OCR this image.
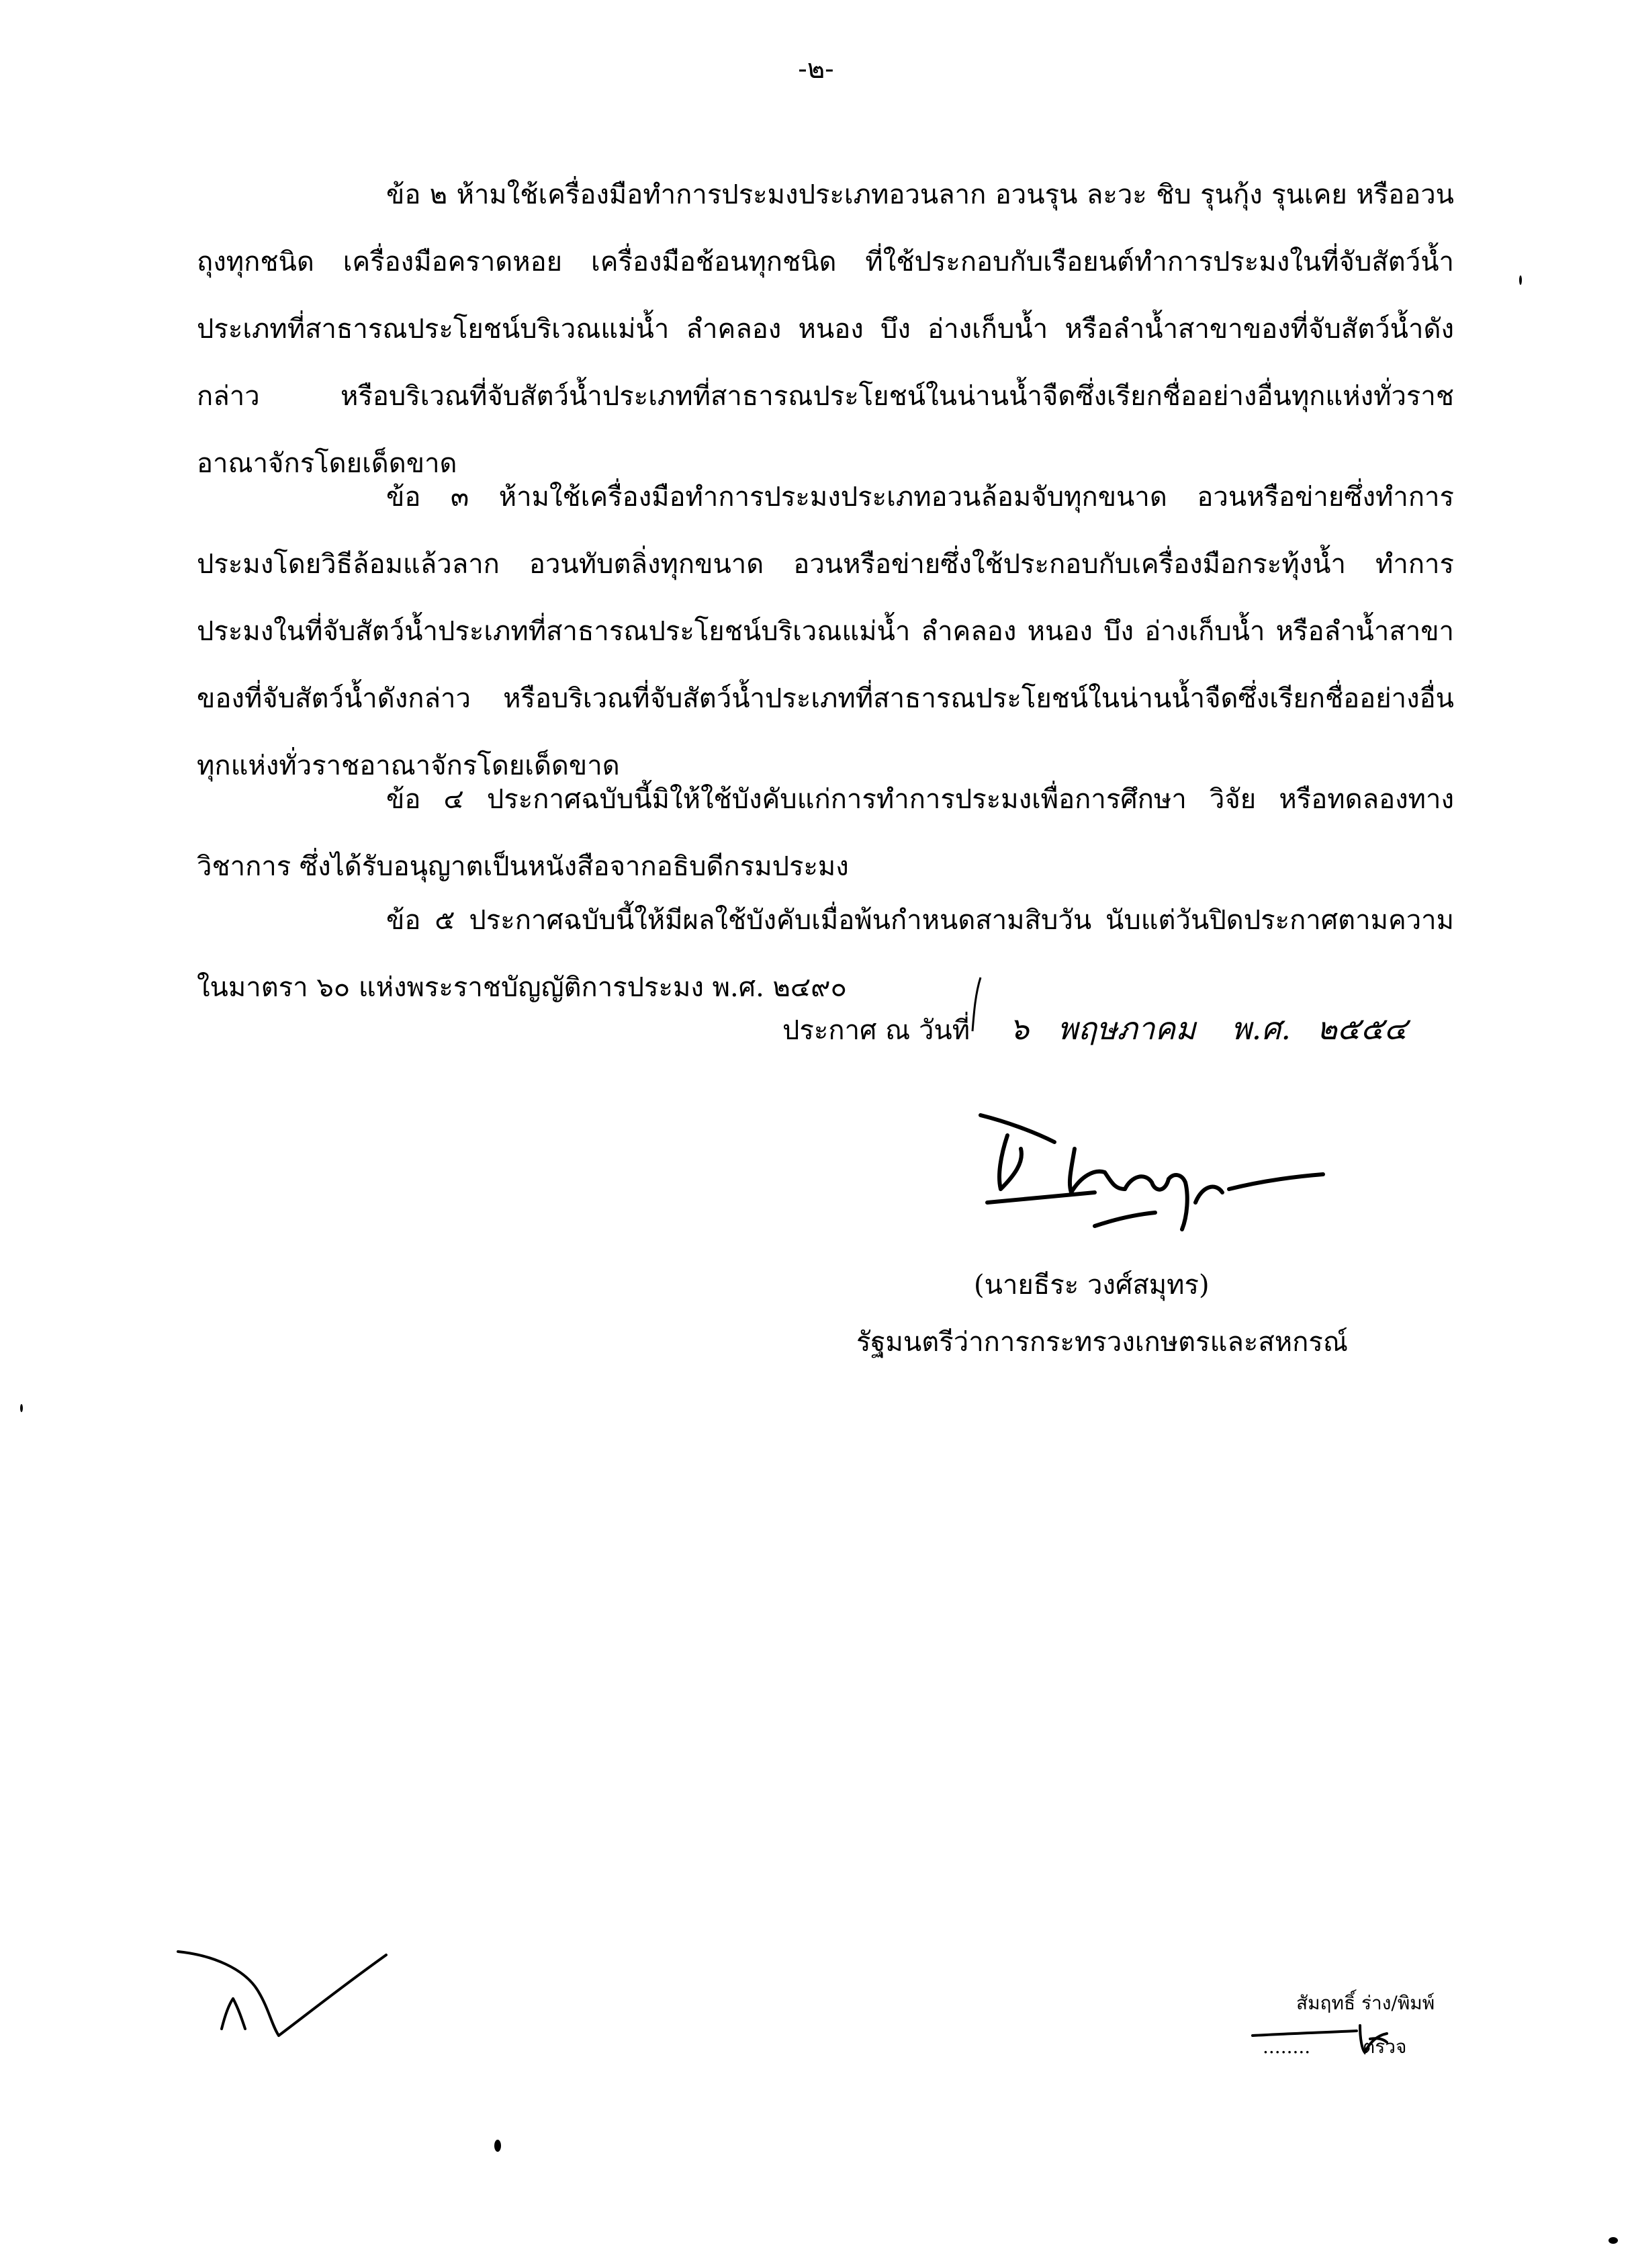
-๒-

ข้อ ๒ ห้ามใช้เครื่องมือทำการประมงประเภทอวนลาก อวนรุน ละวะ ชิบ รุนกุ้ง รุนเคย หรืออวนถุงทุกชนิด เครื่องมือคราดหอย เครื่องมือช้อนทุกชนิด ที่ใช้ประกอบกับเรือยนต์ทำการประมงในที่จับสัตว์น้ำประเภทที่สาธารณประโยชน์บริเวณแม่น้ำ ลำคลอง หนอง บึง อ่างเก็บน้ำ หรือลำน้ำสาขาของที่จับสัตว์น้ำดังกล่าว หรือบริเวณที่จับสัตว์น้ำประเภทที่สาธารณประโยชน์ในน่านน้ำจืดซึ่งเรียกชื่ออย่างอื่นทุกแห่งทั่วราชอาณาจักรโดยเด็ดขาด

ข้อ ๓ ห้ามใช้เครื่องมือทำการประมงประเภทอวนล้อมจับทุกขนาด อวนหรือข่ายซึ่งทำการประมงโดยวิธีล้อมแล้วลาก อวนทับตลิ่งทุกขนาด อวนหรือข่ายซึ่งใช้ประกอบกับเครื่องมือกระทุ้งน้ำ ทำการประมงในที่จับสัตว์น้ำประเภทที่สาธารณประโยชน์บริเวณแม่น้ำ ลำคลอง หนอง บึง อ่างเก็บน้ำ หรือลำน้ำสาขาของที่จับสัตว์น้ำดังกล่าว หรือบริเวณที่จับสัตว์น้ำประเภทที่สาธารณประโยชน์ในน่านน้ำจืดซึ่งเรียกชื่ออย่างอื่นทุกแห่งทั่วราชอาณาจักรโดยเด็ดขาด

ข้อ ๔ ประกาศฉบับนี้มิให้ใช้บังคับแก่การทำการประมงเพื่อการศึกษา วิจัย หรือทดลองทางวิชาการ ซึ่งได้รับอนุญาตเป็นหนังสือจากอธิบดีกรมประมง

ข้อ ๕ ประกาศฉบับนี้ให้มีผลใช้บังคับเมื่อพ้นกำหนดสามสิบวัน นับแต่วันปิดประกาศตามความในมาตรา ๖๐ แห่งพระราชบัญญัติการประมง พ.ศ. ๒๔๙๐

ประกาศ ณ วันที่ ๖ พฤษภาคม พ.ศ. ๒๕๕๔
(นายธีระ วงศ์สมุทร)
รัฐมนตรีว่าการกระทรวงเกษตรและสหกรณ์
สัมฤทธิ์ ร่าง/พิมพ์
........	ตรวจ
